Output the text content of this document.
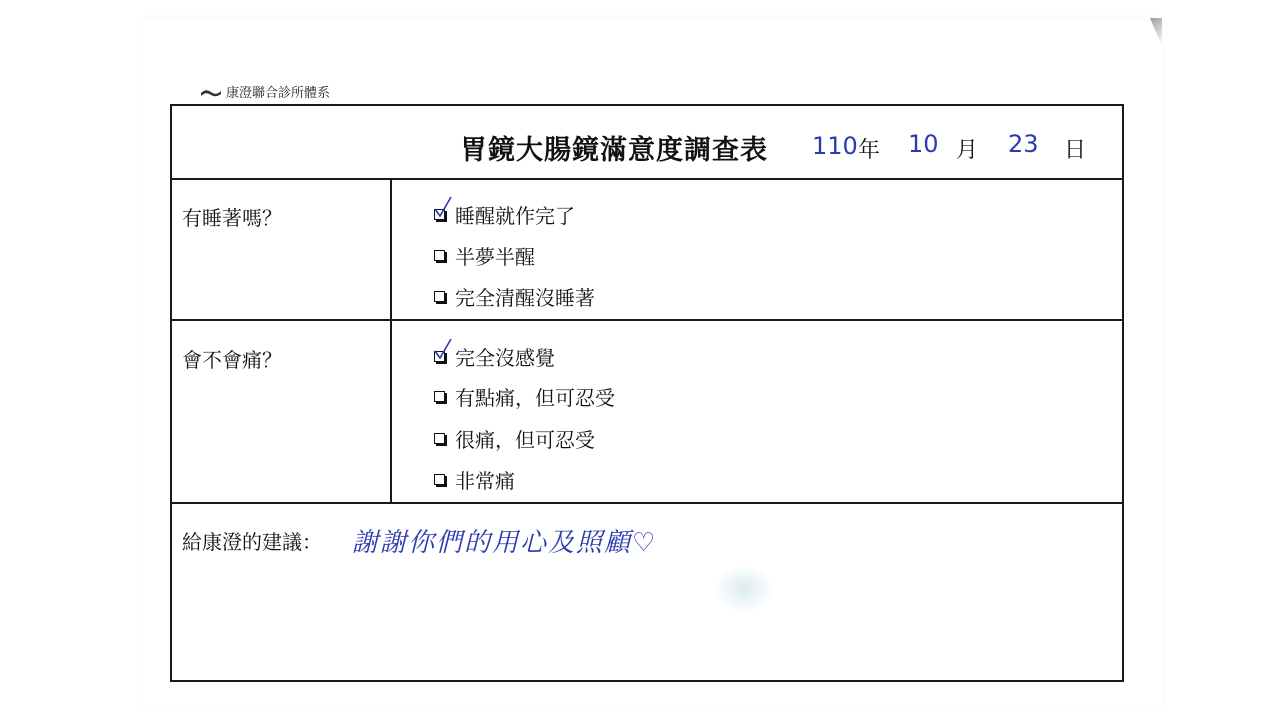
康澄聯合診所體系
胃鏡大腸鏡滿意度調查表 110 年 10 月 23 日
有睡著嗎？	睡醒就作完了
半夢半醒
完全清醒沒睡著
會不會痛？	完全沒感覺
有點痛，但可忍受
很痛，但可忍受
非常痛
給康澄的建議： 謝謝你們的用心及照顧♡
